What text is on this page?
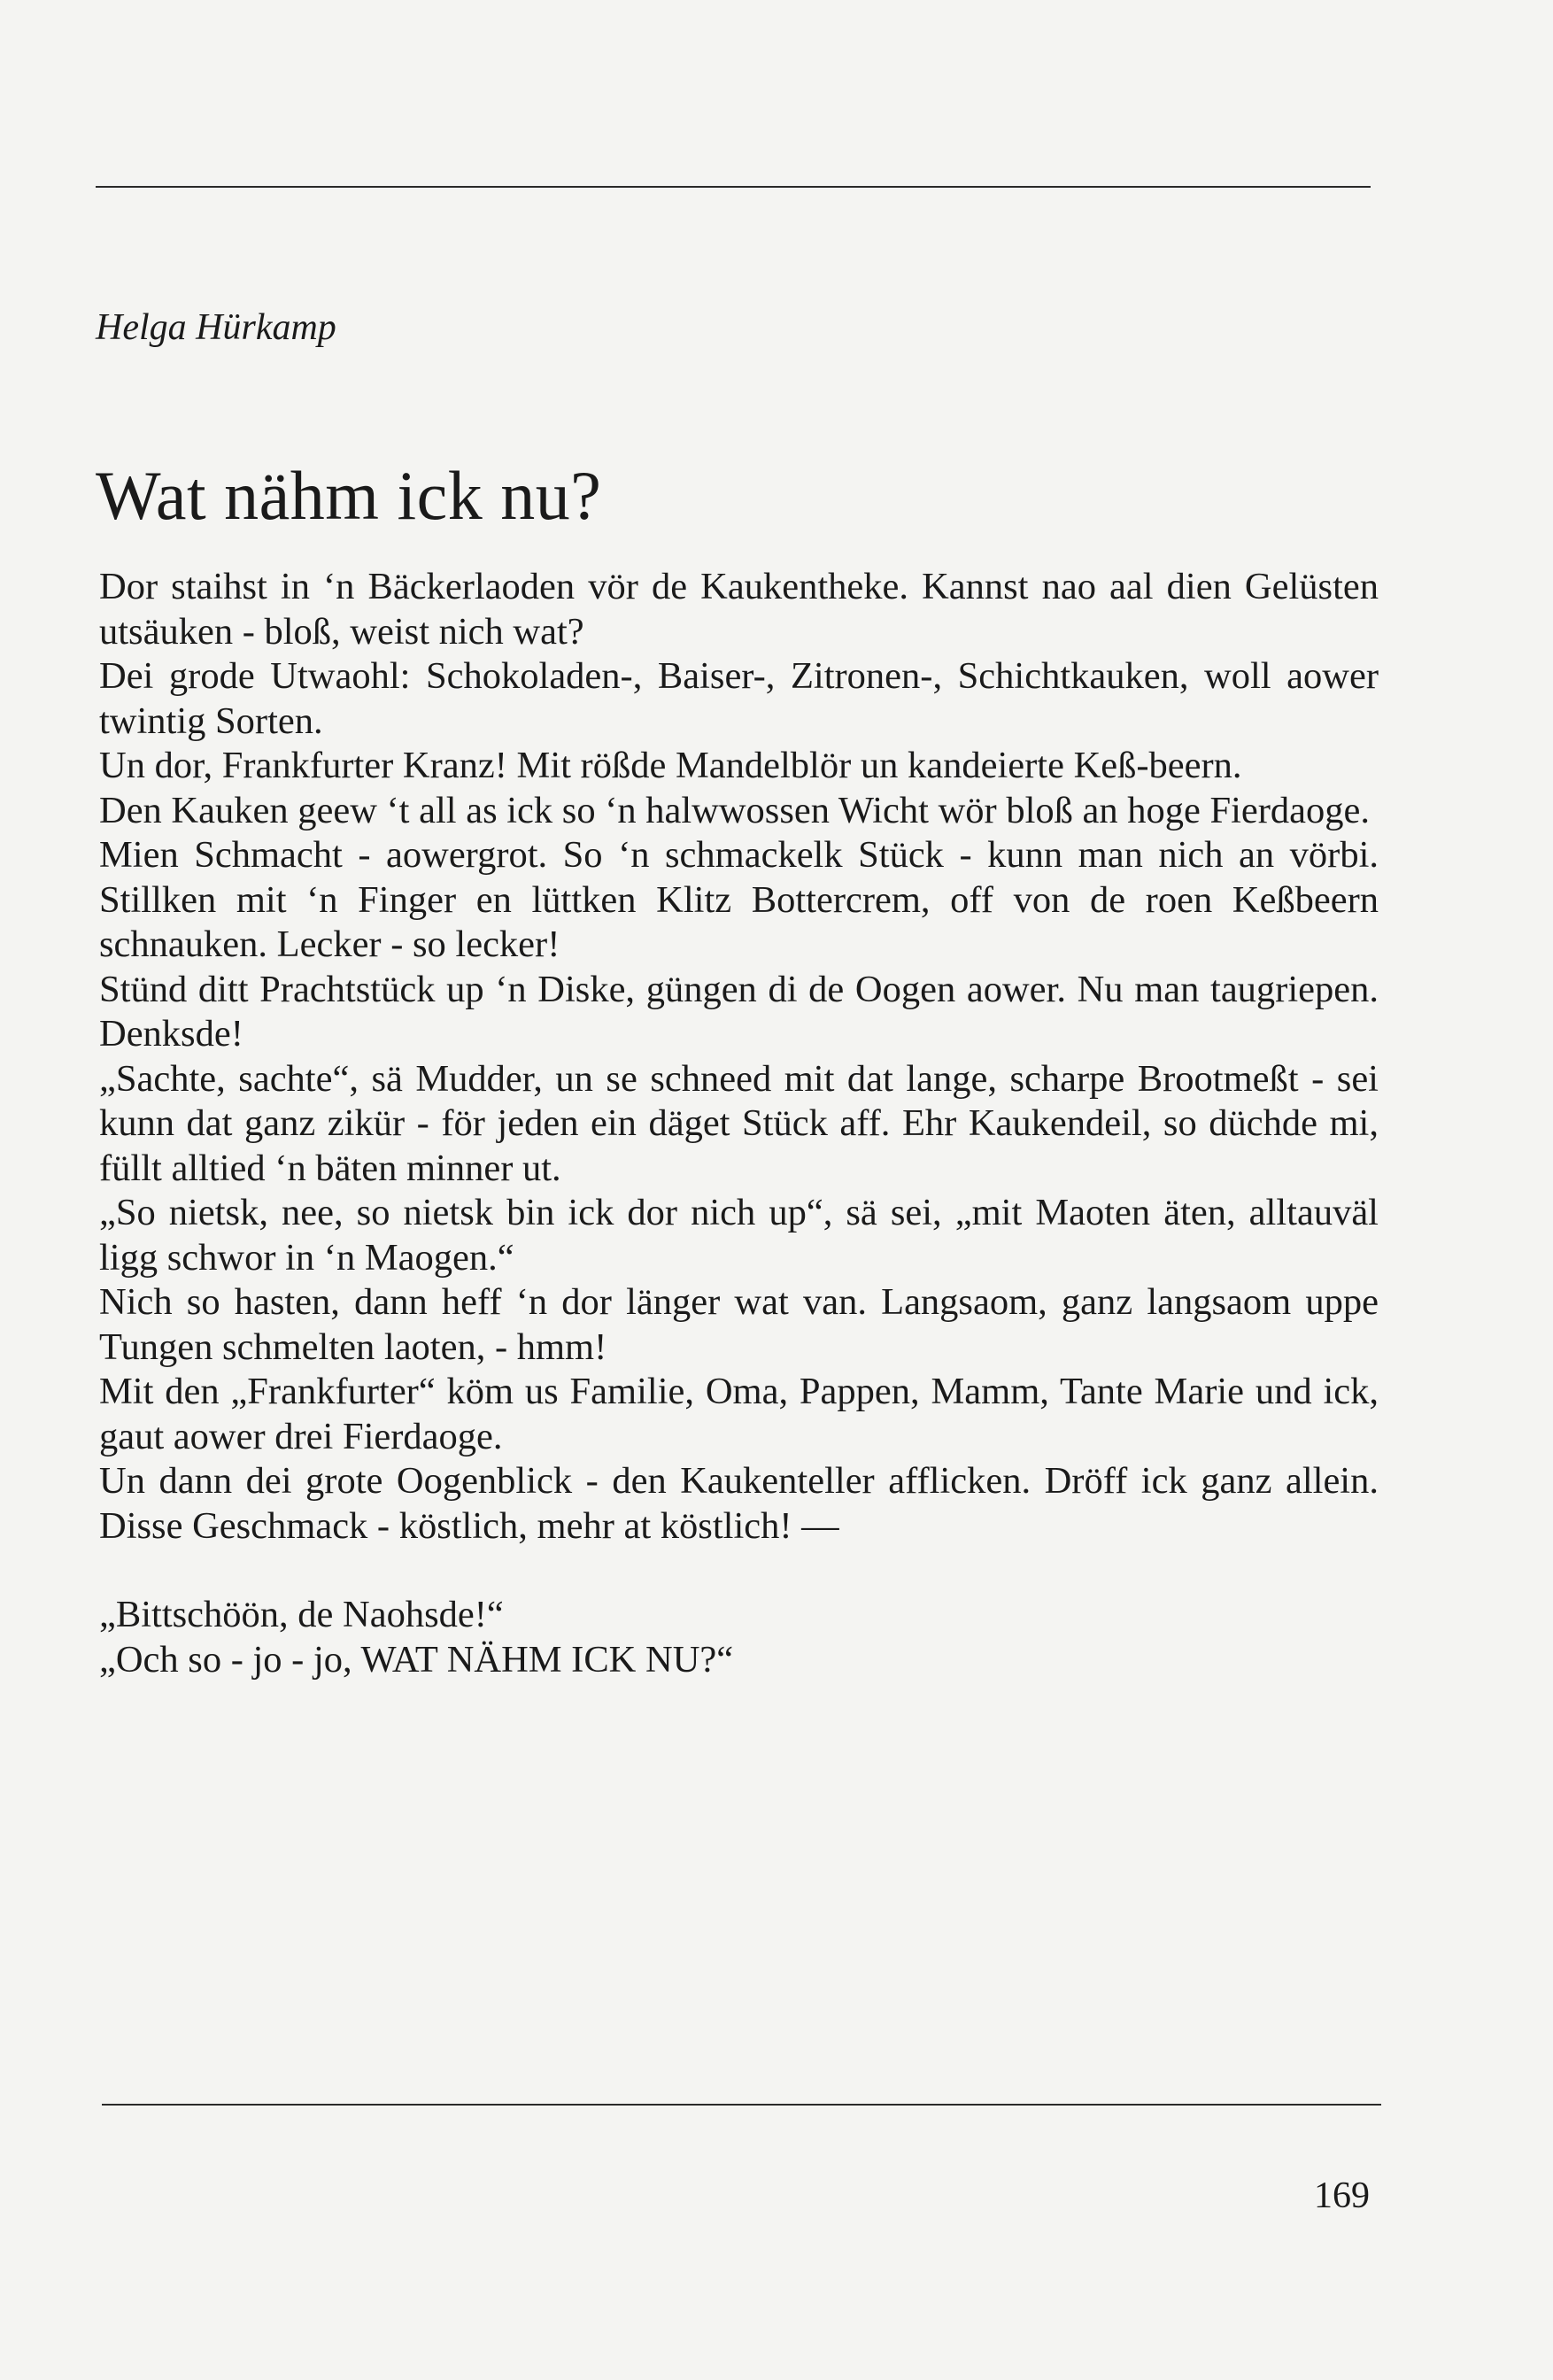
Helga Hürkamp

Wat nähm ick nu?

Dor staihst in ‘n Bäckerlaoden vör de Kaukentheke. Kannst nao aal dien Gelüsten utsäuken - bloß, weist nich wat?

Dei grode Utwaohl: Schokoladen-, Baiser-, Zitronen-, Schichtkauken, woll aower twintig Sorten.

Un dor, Frankfurter Kranz! Mit rößde Mandelblör un kandeierte Keß-beern.

Den Kauken geew ‘t all as ick so ‘n halwwossen Wicht wör bloß an hoge Fierdaoge.

Mien Schmacht - aowergrot. So ‘n schmackelk Stück - kunn man nich an vörbi. Stillken mit ‘n Finger en lüttken Klitz Bottercrem, off von de roen Keßbeern schnauken. Lecker - so lecker!

Stünd ditt Prachtstück up ‘n Diske, güngen di de Oogen aower. Nu man taugriepen. Denksde!

„Sachte, sachte“, sä Mudder, un se schneed mit dat lange, scharpe Brootmeßt - sei kunn dat ganz zikür - för jeden ein däget Stück aff. Ehr Kaukendeil, so düchde mi, füllt alltied ‘n bäten minner ut.

„So nietsk, nee, so nietsk bin ick dor nich up“, sä sei, „mit Maoten äten, alltauväl ligg schwor in ‘n Maogen.“

Nich so hasten, dann heff ‘n dor länger wat van. Langsaom, ganz langsaom uppe Tungen schmelten laoten, - hmm!

Mit den „Frankfurter“ köm us Familie, Oma, Pappen, Mamm, Tante Marie und ick, gaut aower drei Fierdaoge.

Un dann dei grote Oogenblick - den Kaukenteller afflicken. Dröff ick ganz allein. Disse Geschmack - köstlich, mehr at köstlich! —

„Bittschöön, de Naohsde!“

„Och so - jo - jo, WAT NÄHM ICK NU?“

169
